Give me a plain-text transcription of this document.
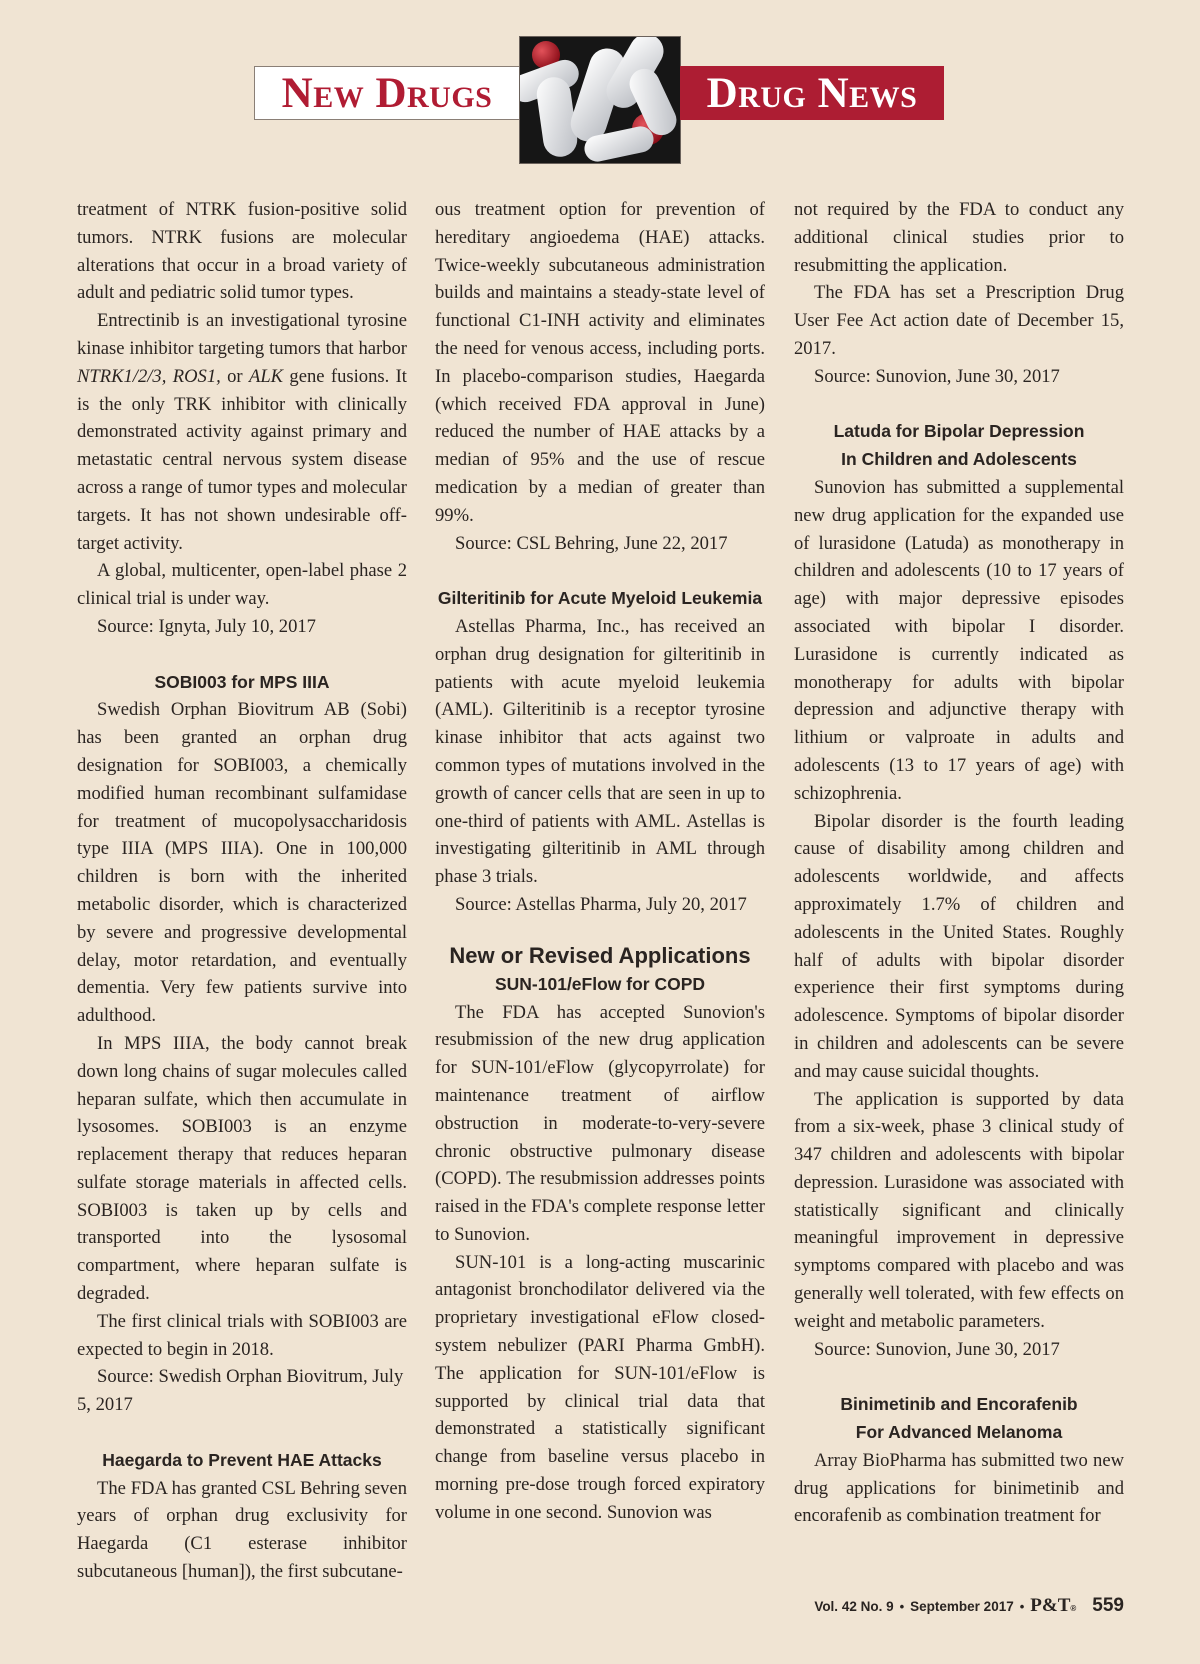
New Drugs	Drug News

treatment of NTRK fusion-positive solid tumors. NTRK fusions are molecular alterations that occur in a broad variety of adult and pediatric solid tumor types.

Entrectinib is an investigational tyrosine kinase inhibitor targeting tumors that harbor NTRK1/2/3, ROS1, or ALK gene fusions. It is the only TRK inhibitor with clinically demonstrated activity against primary and metastatic central nervous system disease across a range of tumor types and molecular targets. It has not shown undesirable off-target activity.

A global, multicenter, open-label phase 2 clinical trial is under way.

Source: Ignyta, July 10, 2017

SOBI003 for MPS IIIA

Swedish Orphan Biovitrum AB (Sobi) has been granted an orphan drug designation for SOBI003, a chemically modified human recombinant sulfamidase for treatment of mucopolysaccharidosis type IIIA (MPS IIIA). One in 100,000 children is born with the inherited metabolic disorder, which is characterized by severe and progressive developmental delay, motor retardation, and eventually dementia. Very few patients survive into adulthood.

In MPS IIIA, the body cannot break down long chains of sugar molecules called heparan sulfate, which then accumulate in lysosomes. SOBI003 is an enzyme replacement therapy that reduces heparan sulfate storage materials in affected cells. SOBI003 is taken up by cells and transported into the lysosomal compartment, where heparan sulfate is degraded.

The first clinical trials with SOBI003 are expected to begin in 2018.

Source: Swedish Orphan Biovitrum, July 5, 2017

Haegarda to Prevent HAE Attacks

The FDA has granted CSL Behring seven years of orphan drug exclusivity for Haegarda (C1 esterase inhibitor subcutaneous [human]), the first subcutane-

ous treatment option for prevention of hereditary angioedema (HAE) attacks. Twice-weekly subcutaneous administration builds and maintains a steady-state level of functional C1-INH activity and eliminates the need for venous access, including ports. In placebo-comparison studies, Haegarda (which received FDA approval in June) reduced the number of HAE attacks by a median of 95% and the use of rescue medication by a median of greater than 99%.

Source: CSL Behring, June 22, 2017

Gilteritinib for Acute Myeloid Leukemia

Astellas Pharma, Inc., has received an orphan drug designation for gilteritinib in patients with acute myeloid leukemia (AML). Gilteritinib is a receptor tyrosine kinase inhibitor that acts against two common types of mutations involved in the growth of cancer cells that are seen in up to one-third of patients with AML. Astellas is investigating gilteritinib in AML through phase 3 trials.

Source: Astellas Pharma, July 20, 2017

New or Revised Applications
SUN-101/eFlow for COPD

The FDA has accepted Sunovion's resubmission of the new drug application for SUN-101/eFlow (glycopyrrolate) for maintenance treatment of airflow obstruction in moderate-to-very-severe chronic obstructive pulmonary disease (COPD). The resubmission addresses points raised in the FDA's complete response letter to Sunovion.

SUN-101 is a long-acting muscarinic antagonist bronchodilator delivered via the proprietary investigational eFlow closed-system nebulizer (PARI Pharma GmbH). The application for SUN-101/eFlow is supported by clinical trial data that demonstrated a statistically significant change from baseline versus placebo in morning pre-dose trough forced expiratory volume in one second. Sunovion was

not required by the FDA to conduct any additional clinical studies prior to resubmitting the application.

The FDA has set a Prescription Drug User Fee Act action date of December 15, 2017.

Source: Sunovion, June 30, 2017

Latuda for Bipolar Depression
In Children and Adolescents

Sunovion has submitted a supplemental new drug application for the expanded use of lurasidone (Latuda) as monotherapy in children and adolescents (10 to 17 years of age) with major depressive episodes associated with bipolar I disorder. Lurasidone is currently indicated as monotherapy for adults with bipolar depression and adjunctive therapy with lithium or valproate in adults and adolescents (13 to 17 years of age) with schizophrenia.

Bipolar disorder is the fourth leading cause of disability among children and adolescents worldwide, and affects approximately 1.7% of children and adolescents in the United States. Roughly half of adults with bipolar disorder experience their first symptoms during adolescence. Symptoms of bipolar disorder in children and adolescents can be severe and may cause suicidal thoughts.

The application is supported by data from a six-week, phase 3 clinical study of 347 children and adolescents with bipolar depression. Lurasidone was associated with statistically significant and clinically meaningful improvement in depressive symptoms compared with placebo and was generally well tolerated, with few effects on weight and metabolic parameters.

Source: Sunovion, June 30, 2017

Binimetinib and Encorafenib
For Advanced Melanoma

Array BioPharma has submitted two new drug applications for binimetinib and encorafenib as combination treatment for

Vol. 42 No. 9 • September 2017 • P&T® 559
